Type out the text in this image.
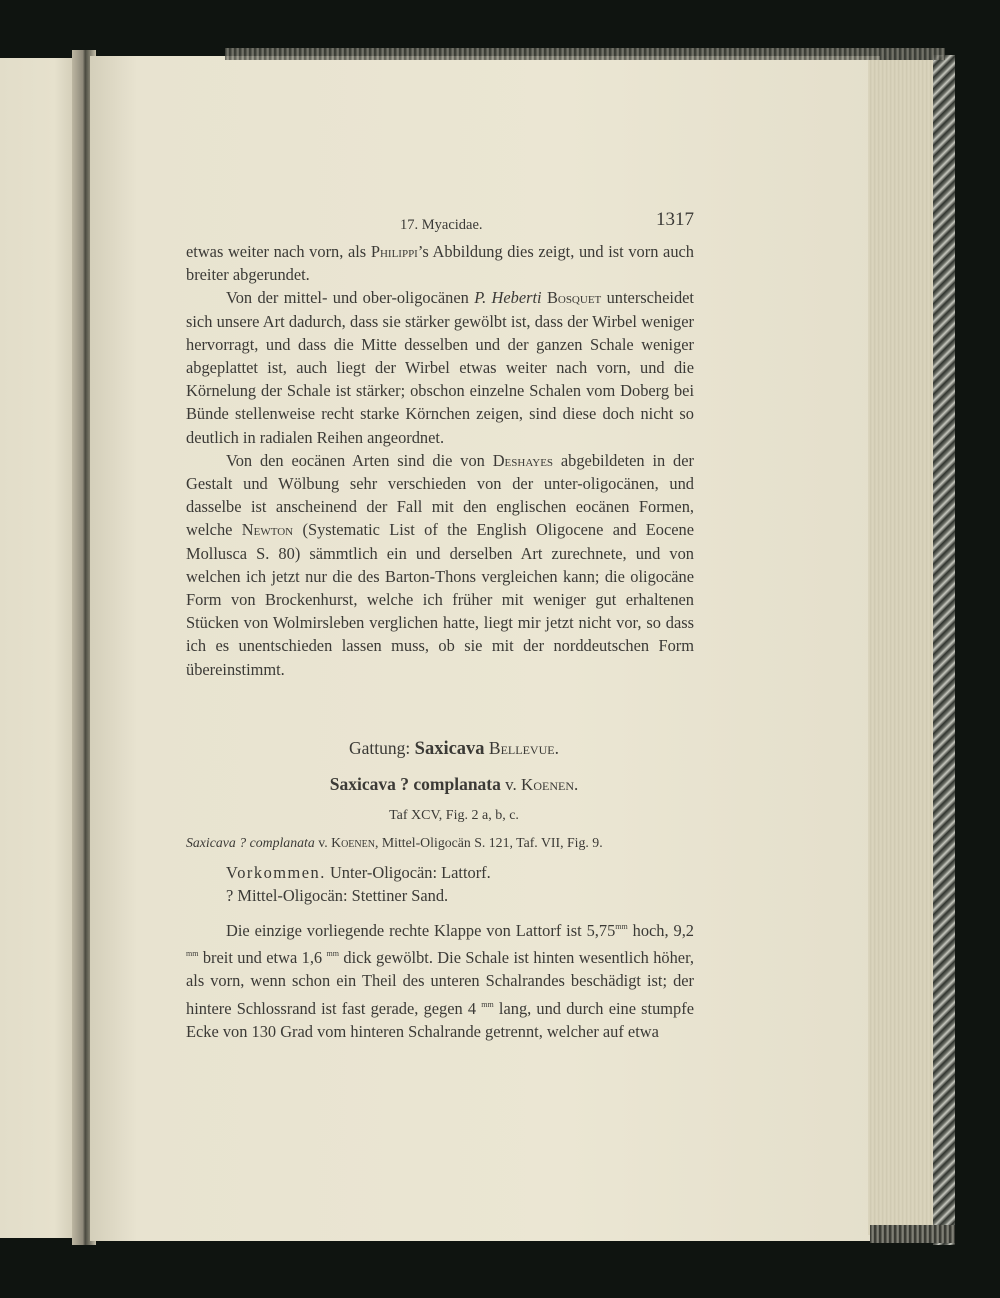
17. Myacidae.	1317

etwas weiter nach vorn, als Philippi’s Abbildung dies zeigt, und ist vorn auch breiter abgerundet.

Von der mittel- und ober-oligocänen P. Heberti Bosquet unterscheidet sich unsere Art dadurch, dass sie stärker gewölbt ist, dass der Wirbel weniger hervorragt, und dass die Mitte desselben und der ganzen Schale weniger abgeplattet ist, auch liegt der Wirbel etwas weiter nach vorn, und die Körnelung der Schale ist stärker; obschon einzelne Schalen vom Doberg bei Bünde stellenweise recht starke Körnchen zeigen, sind diese doch nicht so deutlich in radialen Reihen angeordnet.

Von den eocänen Arten sind die von Deshayes abgebildeten in der Gestalt und Wölbung sehr verschieden von der unter-oligocänen, und dasselbe ist anscheinend der Fall mit den englischen eocänen Formen, welche Newton (Systematic List of the English Oligocene and Eocene Mollusca S. 80) sämmtlich ein und derselben Art zurechnete, und von welchen ich jetzt nur die des Barton-Thons vergleichen kann; die oligocäne Form von Brockenhurst, welche ich früher mit weniger gut erhaltenen Stücken von Wolmirsleben verglichen hatte, liegt mir jetzt nicht vor, so dass ich es unentschieden lassen muss, ob sie mit der norddeutschen Form übereinstimmt.

Gattung: Saxicava Bellevue.
Saxicava ? complanata v. Koenen.
Taf XCV, Fig. 2 a, b, c.
Saxicava ? complanata v. Koenen, Mittel-Oligocän S. 121, Taf. VII, Fig. 9.
Vorkommen. Unter-Oligocän: Lattorf.
? Mittel-Oligocän: Stettiner Sand.

Die einzige vorliegende rechte Klappe von Lattorf ist $5,75^{mm}$ hoch, 9,2 $^{mm}$ breit und etwa 1,6 $^{mm}$ dick gewölbt. Die Schale ist hinten wesentlich höher, als vorn, wenn schon ein Theil des unteren Schalrandes beschädigt ist; der hintere Schlossrand ist fast gerade, gegen 4 $^{mm}$ lang, und durch eine stumpfe Ecke von 130 Grad vom hinteren Schalrande getrennt, welcher auf etwa
